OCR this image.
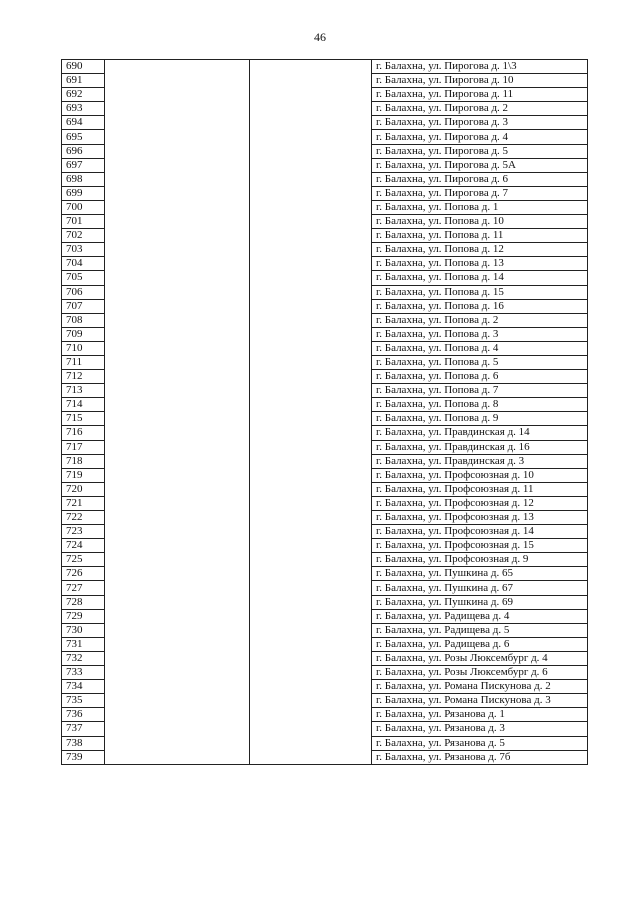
46
690			г. Балахна, ул. Пирогова д. 1\3
691			г. Балахна, ул. Пирогова д. 10
692			г. Балахна, ул. Пирогова д. 11
693			г. Балахна, ул. Пирогова д. 2
694			г. Балахна, ул. Пирогова д. 3
695			г. Балахна, ул. Пирогова д. 4
696			г. Балахна, ул. Пирогова д. 5
697			г. Балахна, ул. Пирогова д. 5А
698			г. Балахна, ул. Пирогова д. 6
699			г. Балахна, ул. Пирогова д. 7
700			г. Балахна, ул. Попова д. 1
701			г. Балахна, ул. Попова д. 10
702			г. Балахна, ул. Попова д. 11
703			г. Балахна, ул. Попова д. 12
704			г. Балахна, ул. Попова д. 13
705			г. Балахна, ул. Попова д. 14
706			г. Балахна, ул. Попова д. 15
707			г. Балахна, ул. Попова д. 16
708			г. Балахна, ул. Попова д. 2
709			г. Балахна, ул. Попова д. 3
710			г. Балахна, ул. Попова д. 4
711			г. Балахна, ул. Попова д. 5
712			г. Балахна, ул. Попова д. 6
713			г. Балахна, ул. Попова д. 7
714			г. Балахна, ул. Попова д. 8
715			г. Балахна, ул. Попова д. 9
716			г. Балахна, ул. Правдинская д. 14
717			г. Балахна, ул. Правдинская д. 16
718			г. Балахна, ул. Правдинская д. 3
719			г. Балахна, ул. Профсоюзная д. 10
720			г. Балахна, ул. Профсоюзная д. 11
721			г. Балахна, ул. Профсоюзная д. 12
722			г. Балахна, ул. Профсоюзная д. 13
723			г. Балахна, ул. Профсоюзная д. 14
724			г. Балахна, ул. Профсоюзная д. 15
725			г. Балахна, ул. Профсоюзная д. 9
726			г. Балахна, ул. Пушкина д. 65
727			г. Балахна, ул. Пушкина д. 67
728			г. Балахна, ул. Пушкина д. 69
729			г. Балахна, ул. Радищева д. 4
730			г. Балахна, ул. Радищева д. 5
731			г. Балахна, ул. Радищева д. 6
732			г. Балахна, ул. Розы Люксембург д. 4
733			г. Балахна, ул. Розы Люксембург д. 6
734			г. Балахна, ул. Романа Пискунова д. 2
735			г. Балахна, ул. Романа Пискунова д. 3
736			г. Балахна, ул. Рязанова д. 1
737			г. Балахна, ул. Рязанова д. 3
738			г. Балахна, ул. Рязанова д. 5
739			г. Балахна, ул. Рязанова д. 7б
